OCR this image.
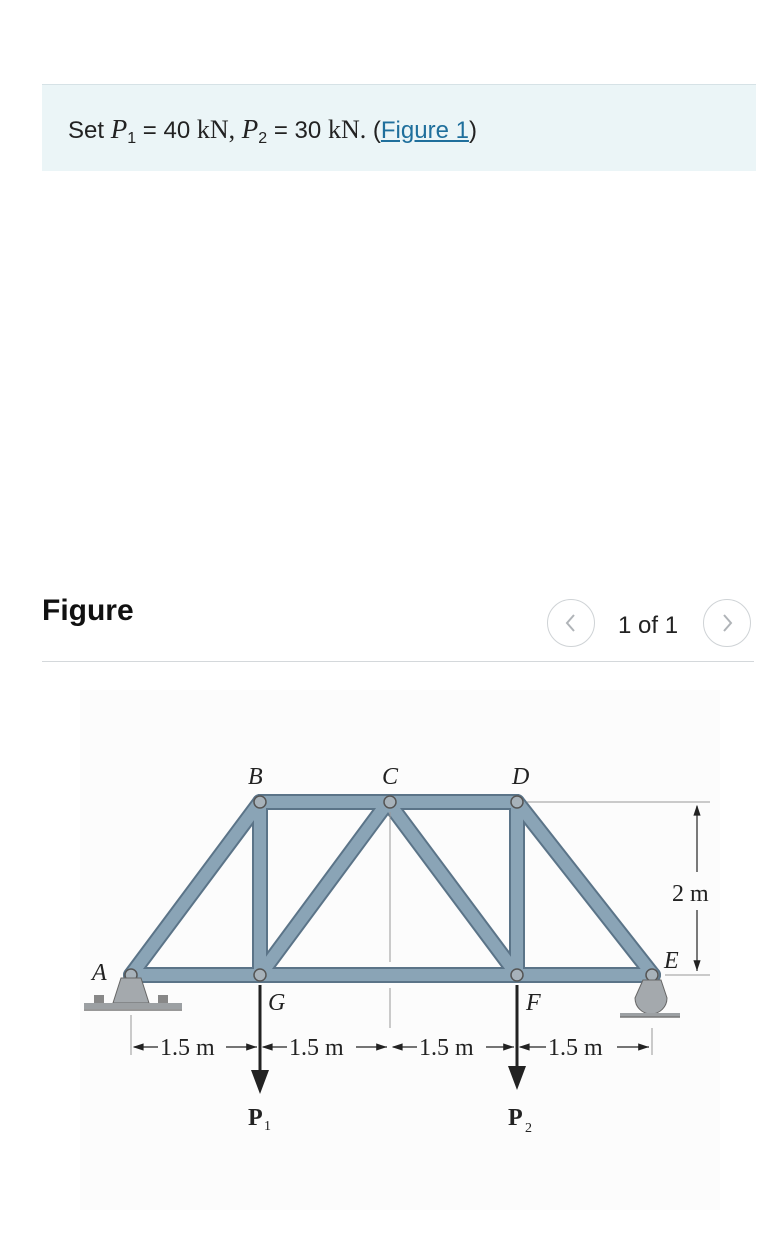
Set $P_1 = 40$ kN, $P_2 = 30$ kN. (Figure 1)
Figure	1 of 1
2 m
1.5 m	1.5 m	1.5 m	1.5 m
P 1	P 2
A
B	C	D
E
F
G
